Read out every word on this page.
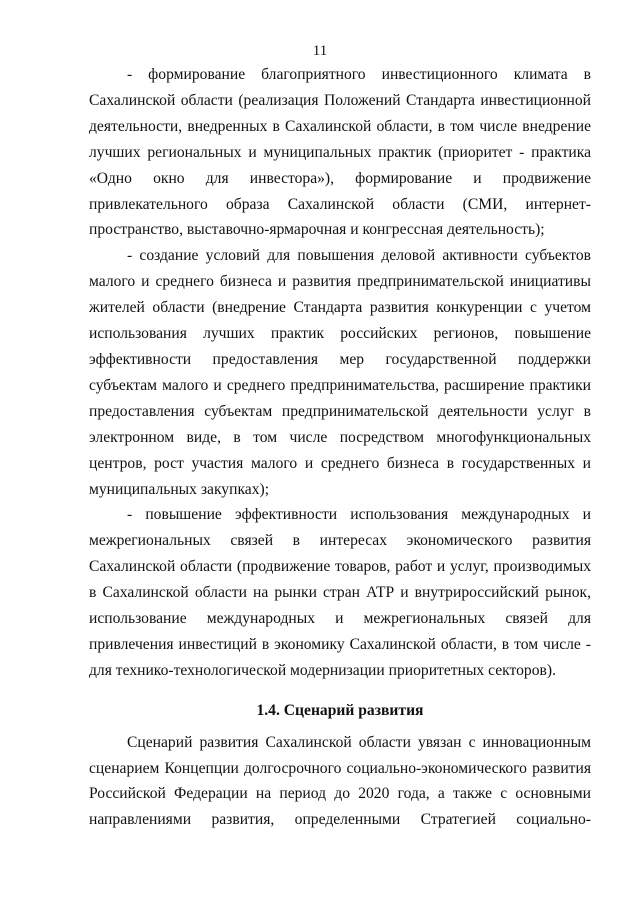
11

- формирование благоприятного инвестиционного климата в Сахалинской области (реализация Положений Стандарта инвестиционной деятельности, внедренных в Сахалинской области, в том числе внедрение лучших региональных и муниципальных практик (приоритет - практика «Одно окно для инвестора»), формирование и продвижение привлекательного образа Сахалинской области (СМИ, интернет-пространство, выставочно-ярмарочная и конгрессная деятельность);

- создание условий для повышения деловой активности субъектов малого и среднего бизнеса и развития предпринимательской инициативы жителей области (внедрение Стандарта развития конкуренции с учетом использования лучших практик российских регионов, повышение эффективности предоставления мер государственной поддержки субъектам малого и среднего предпринимательства, расширение практики предоставления субъектам предпринимательской деятельности услуг в электронном виде, в том числе посредством многофункциональных центров, рост участия малого и среднего бизнеса в государственных и муниципальных закупках);

- повышение эффективности использования международных и межрегиональных связей в интересах экономического развития Сахалинской области (продвижение товаров, работ и услуг, производимых в Сахалинской области на рынки стран АТР и внутрироссийский рынок, использование международных и межрегиональных связей для привлечения инвестиций в экономику Сахалинской области, в том числе - для технико-технологической модернизации приоритетных секторов).

1.4. Сценарий развития

Сценарий развития Сахалинской области увязан с инновационным сценарием Концепции долгосрочного социально-экономического развития Российской Федерации на период до 2020 года, а также с основными направлениями развития, определенными Стратегией социально-
